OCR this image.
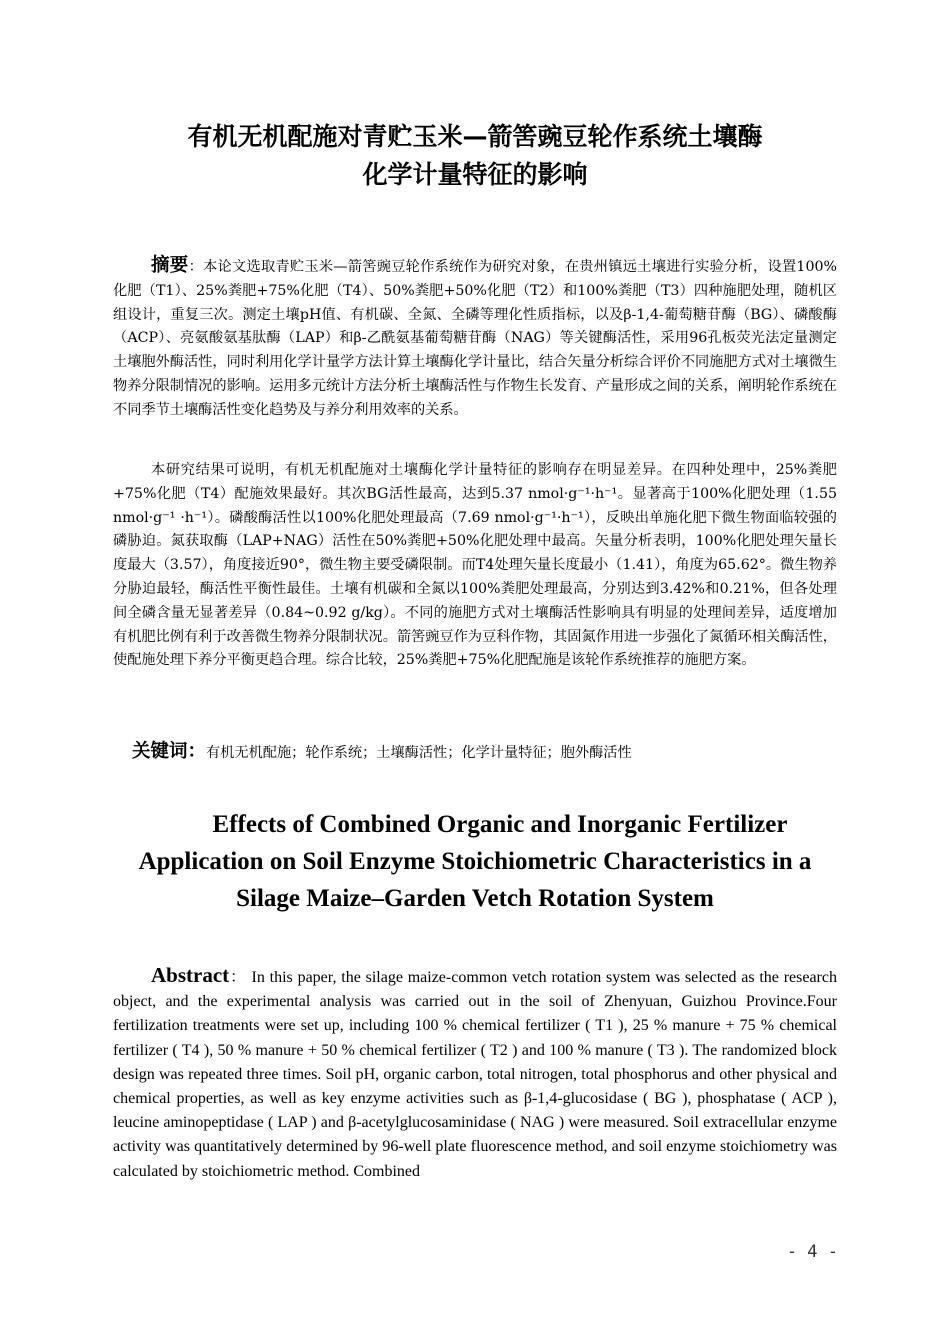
有机无机配施对青贮玉米—箭筈豌豆轮作系统土壤酶
化学计量特征的影响
摘要：本论文选取青贮玉米—箭筈豌豆轮作系统作为研究对象，在贵州镇远土壤进行实验分析，设置100%化肥（T1）、25%粪肥+75%化肥（T4）、50%粪肥+50%化肥（T2）和100%粪肥（T3）四种施肥处理，随机区组设计，重复三次。测定土壤pH值、有机碳、全氮、全磷等理化性质指标，以及β-1,4-葡萄糖苷酶（BG）、磷酸酶（ACP）、亮氨酸氨基肽酶（LAP）和β-乙酰氨基葡萄糖苷酶（NAG）等关键酶活性，采用96孔板荧光法定量测定土壤胞外酶活性，同时利用化学计量学方法计算土壤酶化学计量比，结合矢量分析综合评价不同施肥方式对土壤微生物养分限制情况的影响。运用多元统计方法分析土壤酶活性与作物生长发育、产量形成之间的关系，阐明轮作系统在不同季节土壤酶活性变化趋势及与养分利用效率的关系。
本研究结果可说明，有机无机配施对土壤酶化学计量特征的影响存在明显差异。在四种处理中，25%粪肥+75%化肥（T4）配施效果最好。其次BG活性最高，达到5.37 nmol·g⁻¹·h⁻¹。显著高于100%化肥处理（1.55 nmol·g⁻¹ ·h⁻¹）。磷酸酶活性以100%化肥处理最高（7.69 nmol·g⁻¹·h⁻¹），反映出单施化肥下微生物面临较强的磷胁迫。氮获取酶（LAP+NAG）活性在50%粪肥+50%化肥处理中最高。矢量分析表明，100%化肥处理矢量长度最大（3.57），角度接近90°，微生物主要受磷限制。而T4处理矢量长度最小（1.41），角度为65.62°。微生物养分胁迫最轻，酶活性平衡性最佳。土壤有机碳和全氮以100%粪肥处理最高，分别达到3.42%和0.21%，但各处理间全磷含量无显著差异（0.84~0.92 g/kg）。不同的施肥方式对土壤酶活性影响具有明显的处理间差异，适度增加有机肥比例有利于改善微生物养分限制状况。箭筈豌豆作为豆科作物，其固氮作用进一步强化了氮循环相关酶活性，使配施处理下养分平衡更趋合理。综合比较，25%粪肥+75%化肥配施是该轮作系统推荐的施肥方案。
关键词：有机无机配施；轮作系统；土壤酶活性；化学计量特征；胞外酶活性
Effects of Combined Organic and Inorganic Fertilizer
Application on Soil Enzyme Stoichiometric Characteristics in a
Silage Maize–Garden Vetch Rotation System
Abstract： In this paper, the silage maize-common vetch rotation system was selected as the research object, and the experimental analysis was carried out in the soil of Zhenyuan, Guizhou Province.Four fertilization treatments were set up, including 100 % chemical fertilizer ( T1 ), 25 % manure + 75 % chemical fertilizer ( T4 ), 50 % manure + 50 % chemical fertilizer ( T2 ) and 100 % manure ( T3 ). The randomized block design was repeated three times. Soil pH, organic carbon, total nitrogen, total phosphorus and other physical and chemical properties, as well as key enzyme activities such as β-1,4-glucosidase ( BG ), phosphatase ( ACP ), leucine aminopeptidase ( LAP ) and β-acetylglucosaminidase ( NAG ) were measured. Soil extracellular enzyme activity was quantitatively determined by 96-well plate fluorescence method, and soil enzyme stoichiometry was calculated by stoichiometric method. Combined
- 4 -
